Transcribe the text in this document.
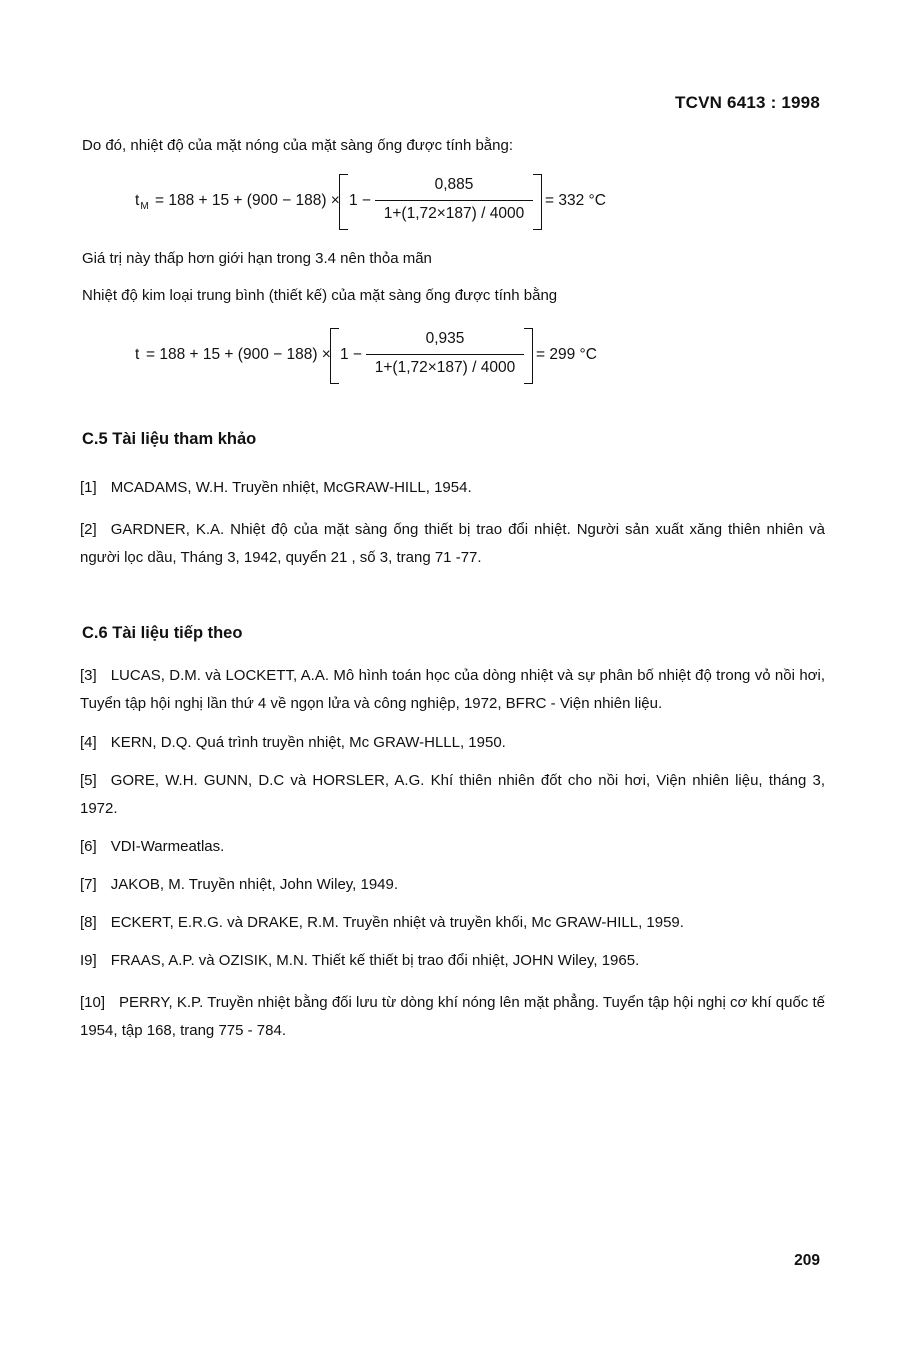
TCVN 6413 : 1998
Do đó, nhiệt độ của mặt nóng của mặt sàng ống được tính bằng:
$t_M = 188 + 15 + (900 - 188) \times 1$ −
0,885
1+(1,72×187) / 4000
= 332 °C
Giá trị này thấp hơn giới hạn trong 3.4 nên thỏa mãn
Nhiệt độ kim loại trung bình (thiết kế) của mặt sàng ống được tính bằng
t = 188 + 15 + (900 − 188) × 1 −
0,935
1+(1,72×187) / 4000
= 299 °C
C.5 Tài liệu tham khảo
[1] MCADAMS, W.H. Truyền nhiệt, McGRAW-HILL, 1954.
[2] GARDNER, K.A. Nhiệt độ của mặt sàng ống thiết bị trao đổi nhiệt. Người sản xuất xăng thiên nhiên và người lọc dầu, Tháng 3, 1942, quyển 21 , số 3, trang 71 -77.
C.6 Tài liệu tiếp theo
[3] LUCAS, D.M. và LOCKETT, A.A. Mô hình toán học của dòng nhiệt và sự phân bố nhiệt độ trong vỏ nồi hơi, Tuyển tập hội nghị lần thứ 4 về ngọn lửa và công nghiệp, 1972, BFRC - Viện nhiên liệu.
[4] KERN, D.Q. Quá trình truyền nhiệt, Mc GRAW-HLLL, 1950.
[5] GORE, W.H. GUNN, D.C và HORSLER, A.G. Khí thiên nhiên đốt cho nồi hơi, Viện nhiên liệu, tháng 3, 1972.
[6] VDI-Warmeatlas.
[7] JAKOB, M. Truyền nhiệt, John Wiley, 1949.
[8] ECKERT, E.R.G. và DRAKE, R.M. Truyền nhiệt và truyền khối, Mc GRAW-HILL, 1959.
I9] FRAAS, A.P. và OZISIK, M.N. Thiết kế thiết bị trao đổi nhiệt, JOHN Wiley, 1965.
[10] PERRY, K.P. Truyền nhiệt bằng đối lưu từ dòng khí nóng lên mặt phẳng. Tuyển tập hội nghị cơ khí quốc tế 1954, tập 168, trang 775 - 784.
209
